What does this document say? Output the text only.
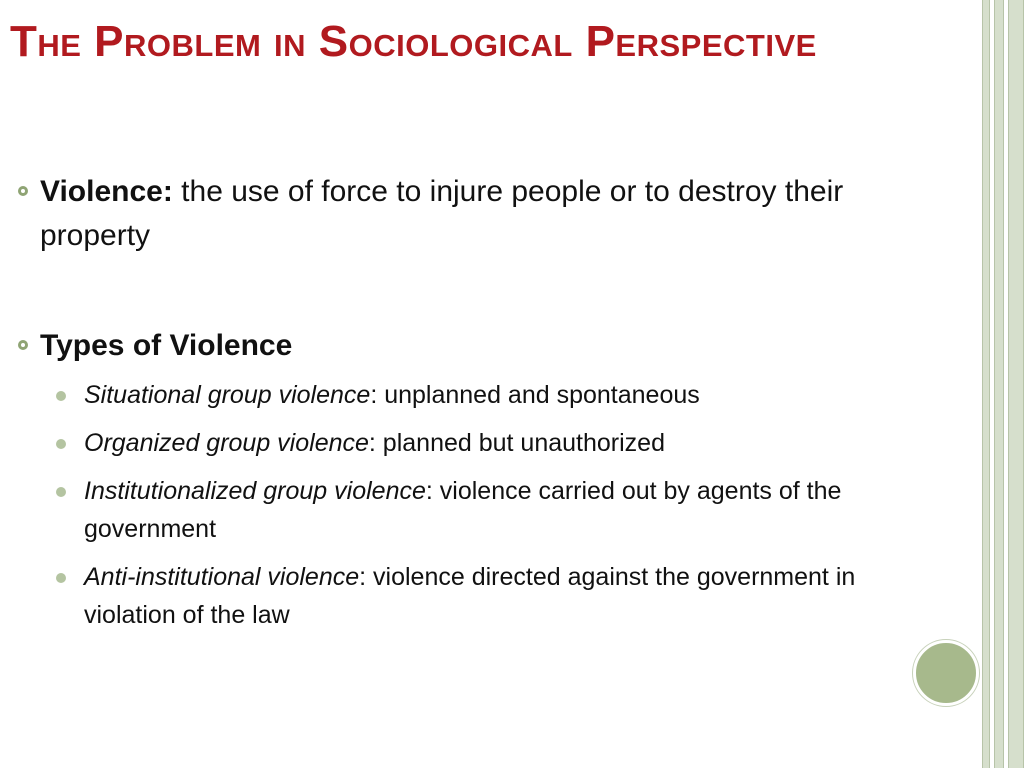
The Problem in Sociological Perspective
Violence: the use of force to injure people or to destroy their property
Types of Violence
Situational group violence: unplanned and spontaneous
Organized group violence: planned but unauthorized
Institutionalized group violence: violence carried out by agents of the government
Anti-institutional violence: violence directed against the government in violation of the law
